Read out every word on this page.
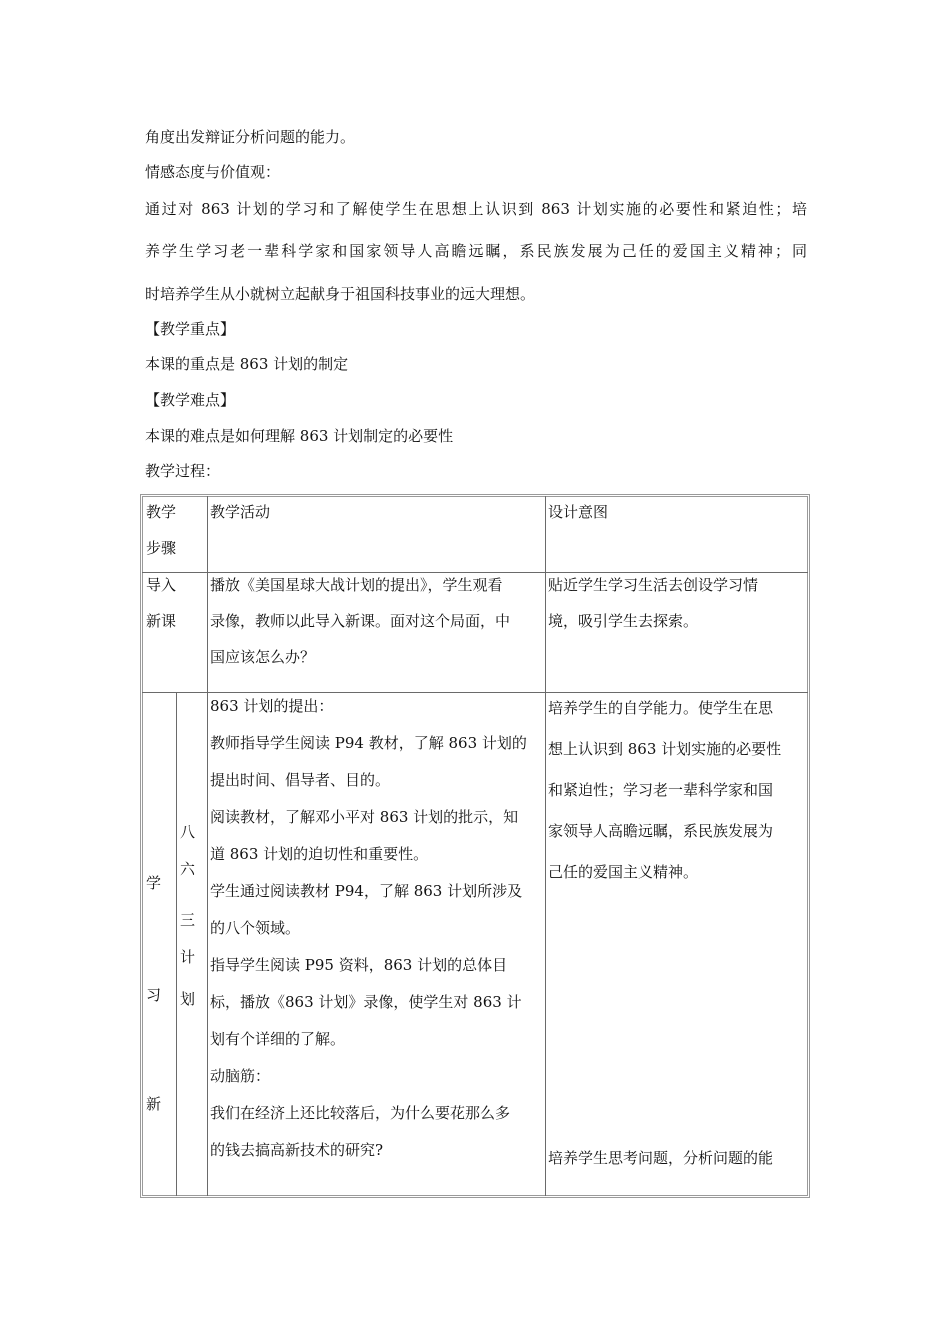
角度出发辩证分析问题的能力。
情感态度与价值观：
通过对 863 计划的学习和了解使学生在思想上认识到 863 计划实施的必要性和紧迫性；培
养学生学习老一辈科学家和国家领导人高瞻远瞩，系民族发展为己任的爱国主义精神；同
时培养学生从小就树立起献身于祖国科技事业的远大理想。
【教学重点】
本课的重点是 863 计划的制定
【教学难点】
本课的难点是如何理解 863 计划制定的必要性
教学过程：
教学
步骤
教学活动	设计意图
导入
新课
播放《美国星球大战计划的提出》，学生观看
录像，教师以此导入新课。面对这个局面，中
国应该怎么办？
贴近学生学习生活去创设学习情
境，吸引学生去探索。
学
习
新
八
六
三
计
划
863 计划的提出：
教师指导学生阅读 P94 教材，了解 863 计划的
提出时间、倡导者、目的。
阅读教材，了解邓小平对 863 计划的批示，知
道 863 计划的迫切性和重要性。
学生通过阅读教材 P94，了解 863 计划所涉及
的八个领域。
指导学生阅读 P95 资料，863 计划的总体目
标，播放《863 计划》录像，使学生对 863 计
划有个详细的了解。
动脑筋：
我们在经济上还比较落后，为什么要花那么多
的钱去搞高新技术的研究?
培养学生的自学能力。使学生在思
想上认识到 863 计划实施的必要性
和紧迫性；学习老一辈科学家和国
家领导人高瞻远瞩，系民族发展为
己任的爱国主义精神。
培养学生思考问题，分析问题的能
